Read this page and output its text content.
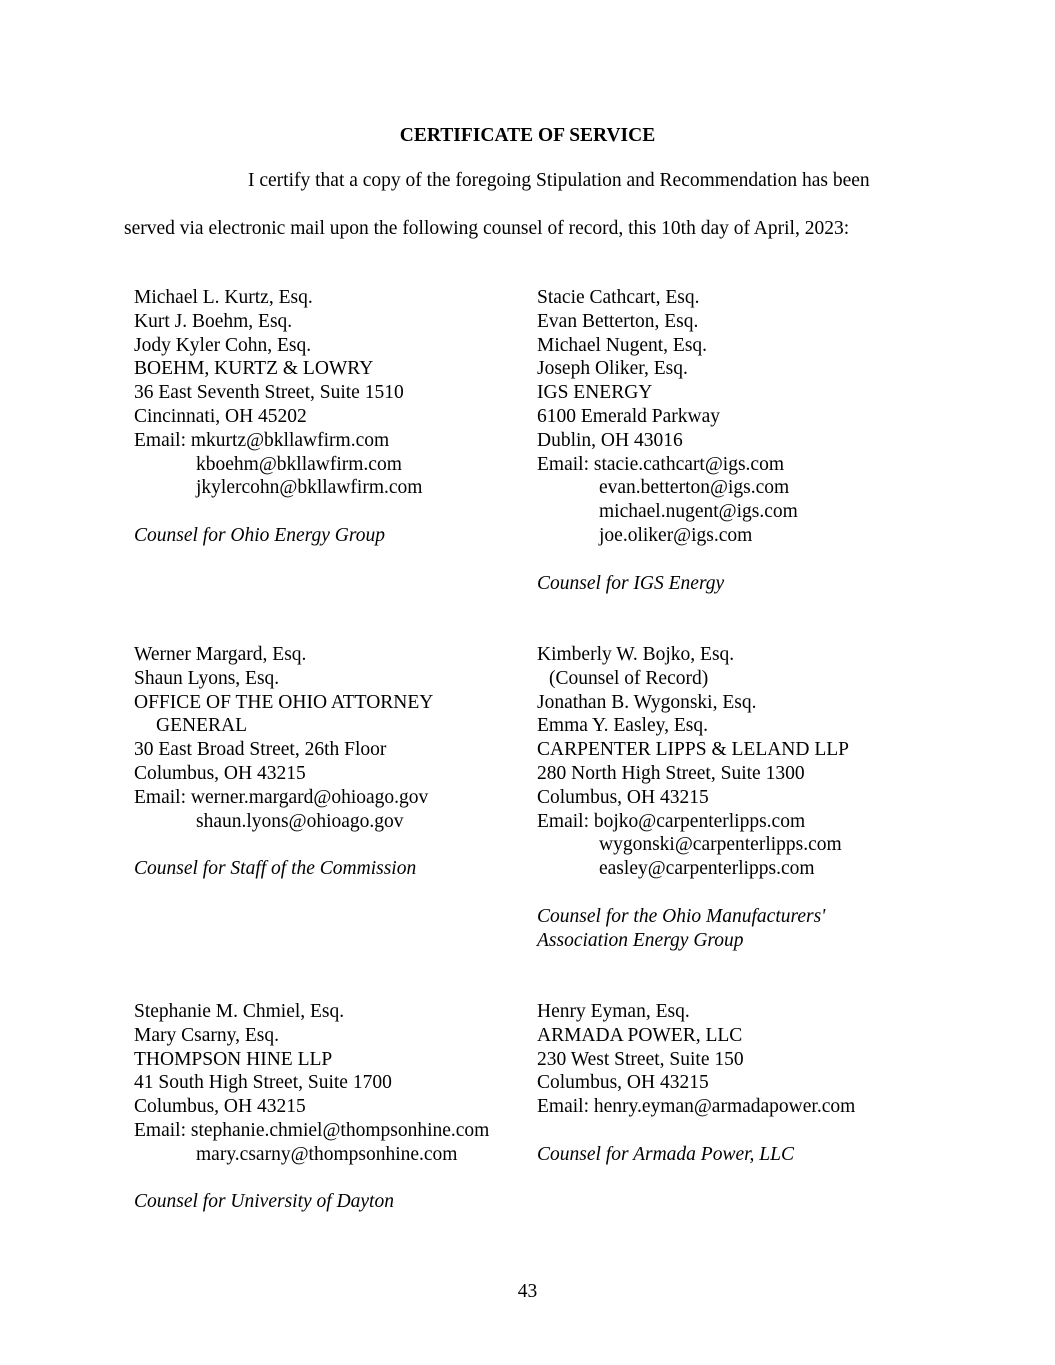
CERTIFICATE OF SERVICE
I certify that a copy of the foregoing Stipulation and Recommendation has been
served via electronic mail upon the following counsel of record, this 10th day of April, 2023:
Michael L. Kurtz, Esq.
Kurt J. Boehm, Esq.
Jody Kyler Cohn, Esq.
BOEHM, KURTZ & LOWRY
36 East Seventh Street, Suite 1510
Cincinnati, OH 45202
Email: mkurtz@bkllawfirm.com
kboehm@bkllawfirm.com
jkylercohn@bkllawfirm.com
Counsel for Ohio Energy Group
Stacie Cathcart, Esq.
Evan Betterton, Esq.
Michael Nugent, Esq.
Joseph Oliker, Esq.
IGS ENERGY
6100 Emerald Parkway
Dublin, OH 43016
Email: stacie.cathcart@igs.com
evan.betterton@igs.com
michael.nugent@igs.com
joe.oliker@igs.com
Counsel for IGS Energy
Werner Margard, Esq.
Shaun Lyons, Esq.
OFFICE OF THE OHIO ATTORNEY
GENERAL
30 East Broad Street, 26th Floor
Columbus, OH 43215
Email: werner.margard@ohioago.gov
shaun.lyons@ohioago.gov
Counsel for Staff of the Commission
Kimberly W. Bojko, Esq.
(Counsel of Record)
Jonathan B. Wygonski, Esq.
Emma Y. Easley, Esq.
CARPENTER LIPPS & LELAND LLP
280 North High Street, Suite 1300
Columbus, OH 43215
Email: bojko@carpenterlipps.com
wygonski@carpenterlipps.com
easley@carpenterlipps.com
Counsel for the Ohio Manufacturers'
Association Energy Group
Stephanie M. Chmiel, Esq.
Mary Csarny, Esq.
THOMPSON HINE LLP
41 South High Street, Suite 1700
Columbus, OH 43215
Email: stephanie.chmiel@thompsonhine.com
mary.csarny@thompsonhine.com
Counsel for University of Dayton
Henry Eyman, Esq.
ARMADA POWER, LLC
230 West Street, Suite 150
Columbus, OH 43215
Email: henry.eyman@armadapower.com
Counsel for Armada Power, LLC
43
